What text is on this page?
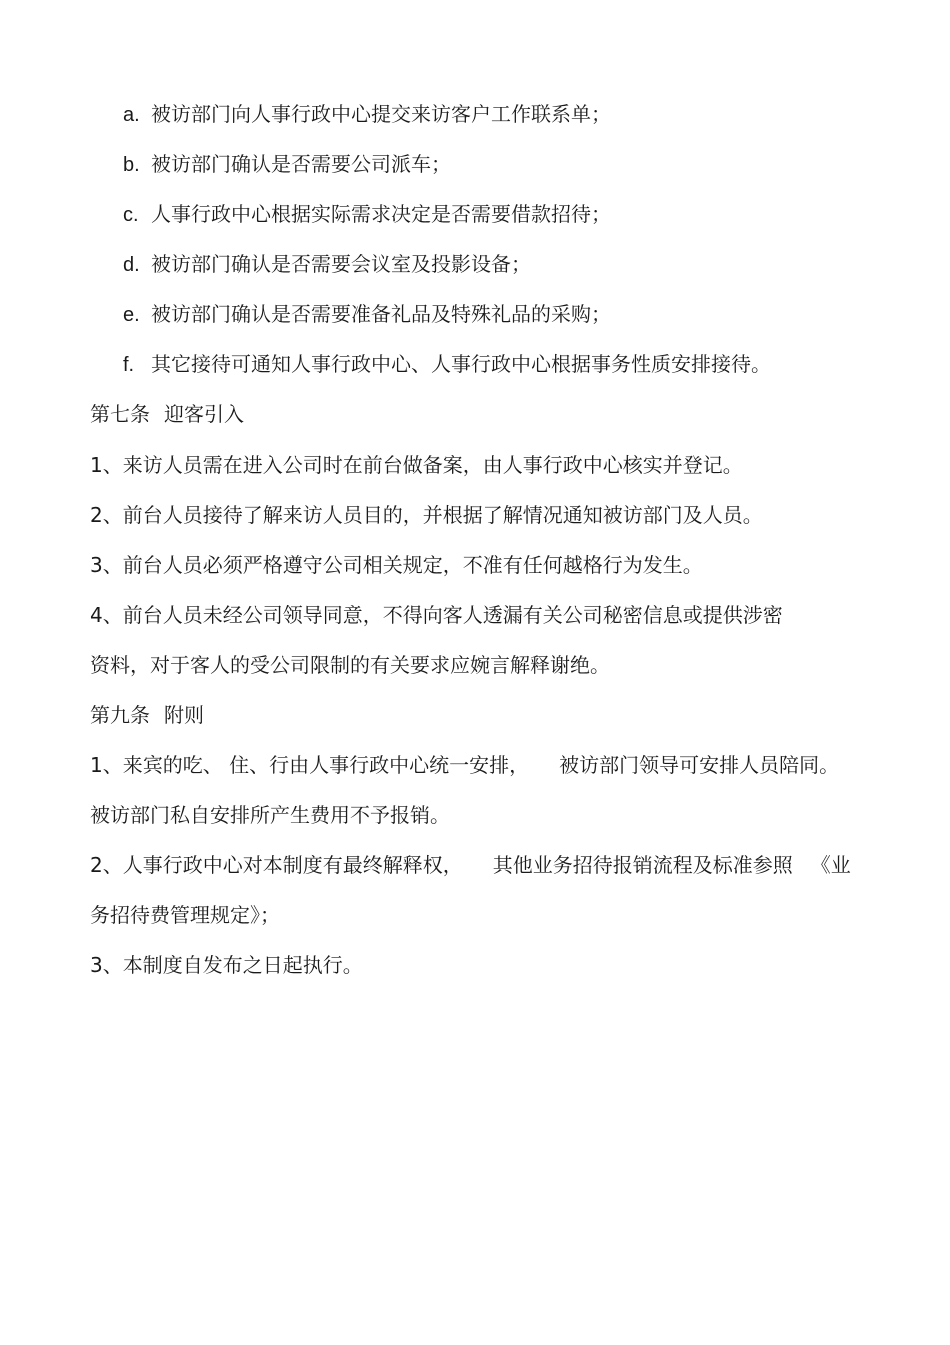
a. 被访部门向人事行政中心提交来访客户工作联系单；
b. 被访部门确认是否需要公司派车；
c. 人事行政中心根据实际需求决定是否需要借款招待；
d. 被访部门确认是否需要会议室及投影设备；
e. 被访部门确认是否需要准备礼品及特殊礼品的采购；
f. 其它接待可通知人事行政中心、人事行政中心根据事务性质安排接待。
第七条 迎客引入
1、来访人员需在进入公司时在前台做备案，由人事行政中心核实并登记。
2、前台人员接待了解来访人员目的，并根据了解情况通知被访部门及人员。
3、前台人员必须严格遵守公司相关规定，不准有任何越格行为发生。
4、前台人员未经公司领导同意，不得向客人透漏有关公司秘密信息或提供涉密
资料，对于客人的受公司限制的有关要求应婉言解释谢绝。
第九条 附则
1、来宾的吃、 住、行由人事行政中心统一安排， 被访部门领导可安排人员陪同。
被访部门私自安排所产生费用不予报销。
2、人事行政中心对本制度有最终解释权， 其他业务招待报销流程及标准参照 《业
务招待费管理规定》；
3、本制度自发布之日起执行。
